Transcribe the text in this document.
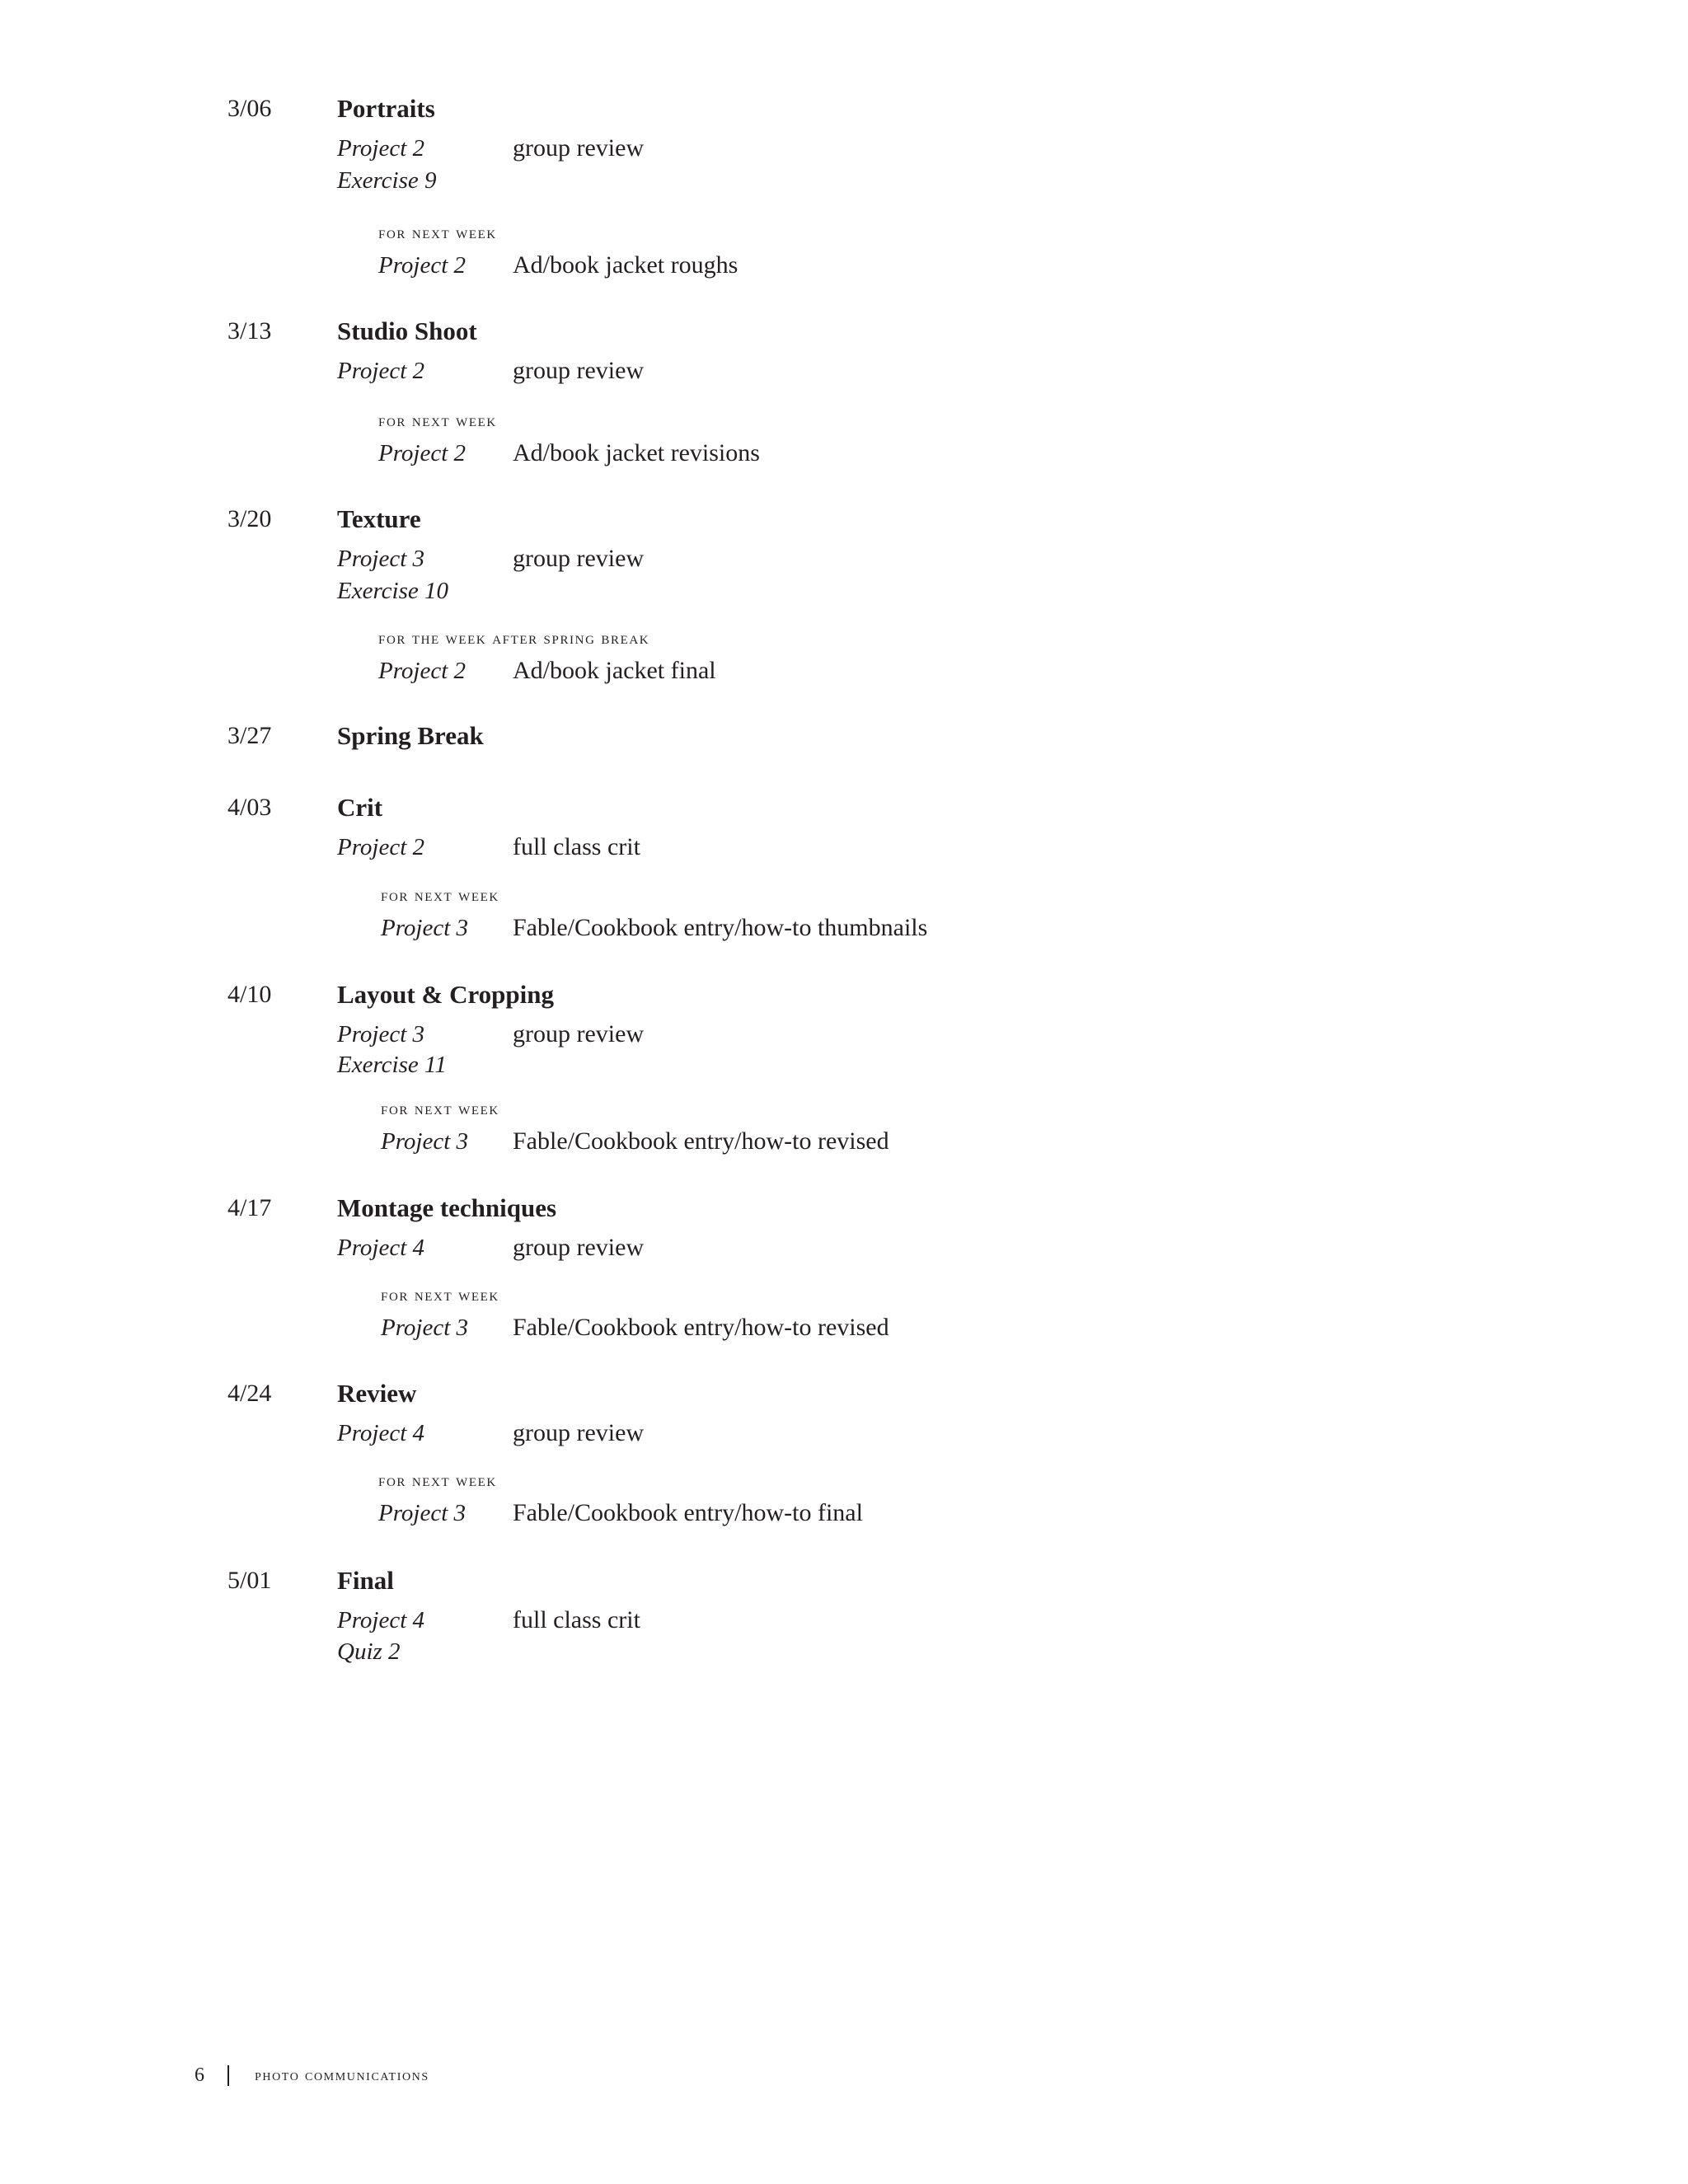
3/06	Portraits
Project 2	group review
Exercise 9
for next week
Project 2 Ad/book jacket roughs
3/13	Studio Shoot
Project 2	group review
for next week
Project 2 Ad/book jacket revisions
3/20	Texture
Project 3	group review
Exercise 10
for the week after spring break
Project 2 Ad/book jacket final
3/27	Spring Break
4/03	Crit
Project 2	full class crit
for next week
Project 3 Fable/Cookbook entry/how-to thumbnails
4/10	Layout & Cropping
Project 3	group review
Exercise 11
for next week
Project 3 Fable/Cookbook entry/how-to revised
4/17	Montage techniques
Project 4	group review
for next week
Project 3 Fable/Cookbook entry/how-to revised
4/24	Review
Project 4	group review
for next week
Project 3 Fable/Cookbook entry/how-to final
5/01	Final
Project 4	full class crit
Quiz 2
6	photo communications
